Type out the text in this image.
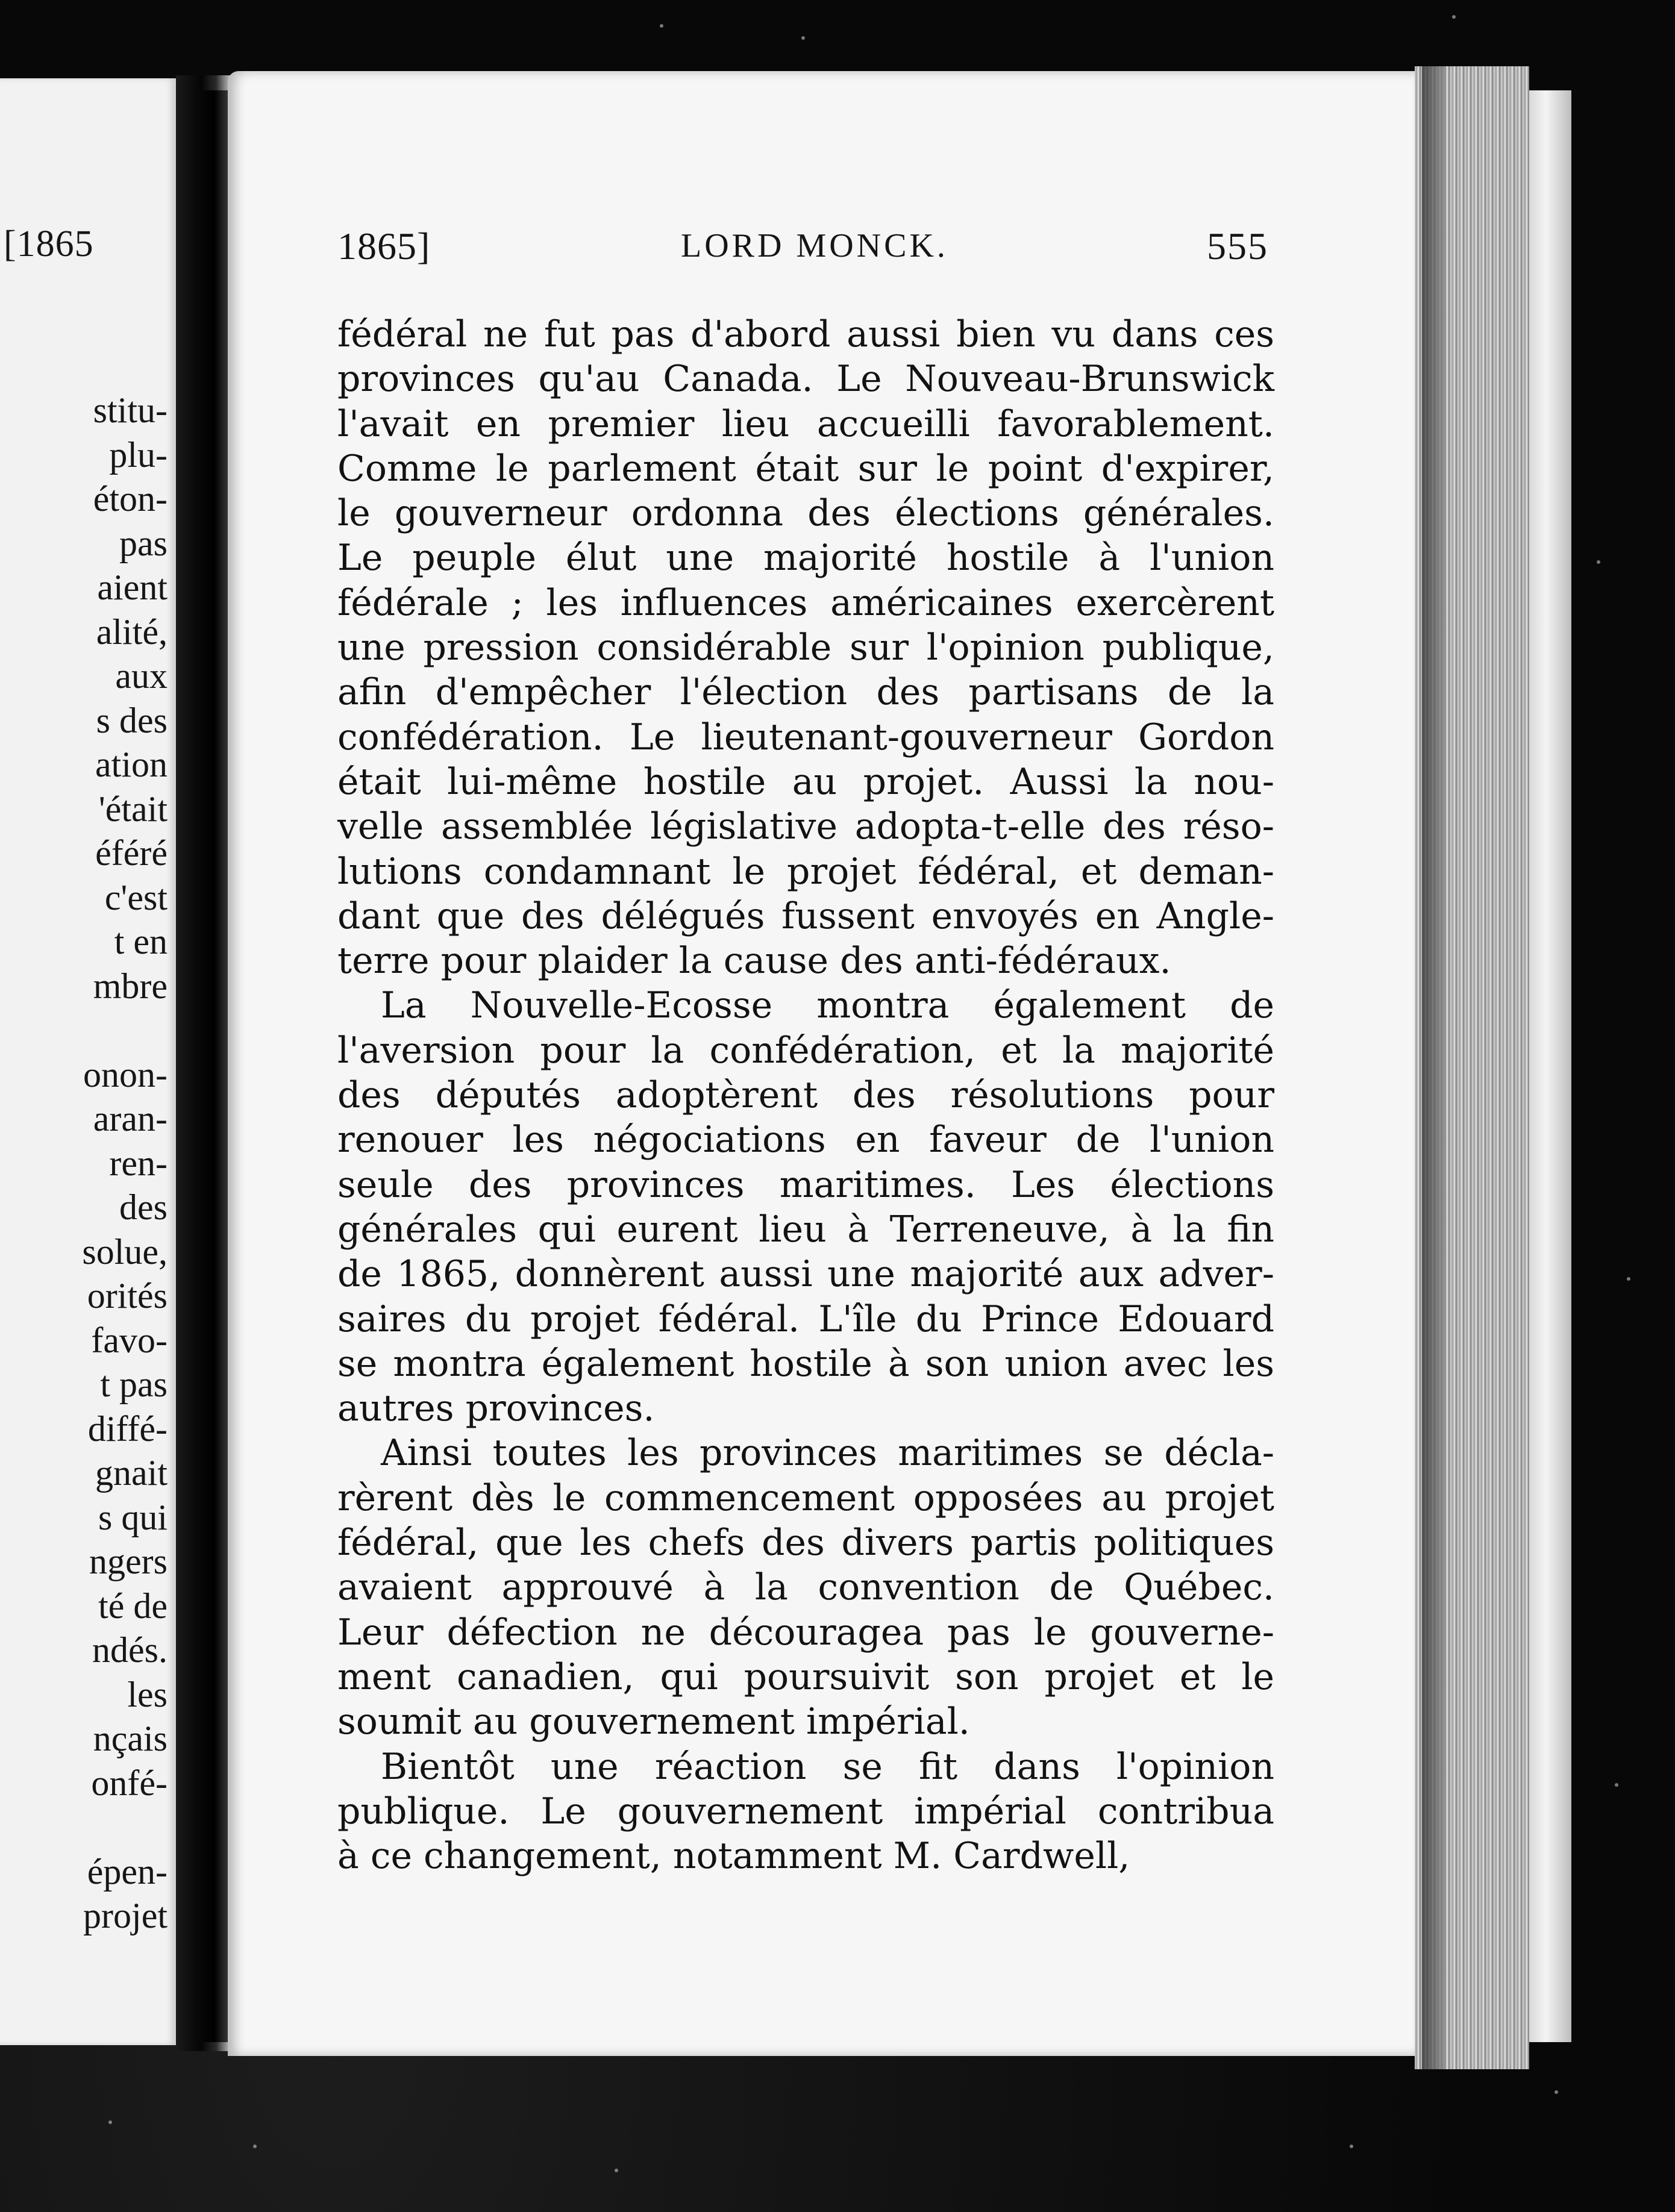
[1865
stitu-
plu-
éton-
pas
aient
alité,
aux
s des
ation
'était
éféré
c'est
t en
mbre
onon-
aran-
ren-
des
solue,
orités
favo-
t pas
diffé-
gnait
s qui
ngers
té de
ndés.
les
nçais
onfé-
épen-
projet
1865]	LORD MONCK.	555
fédéral ne fut pas d'abord aussi bien vu dans ces
provinces qu'au Canada. Le Nouveau-Brunswick
l'avait en premier lieu accueilli favorablement.
Comme le parlement était sur le point d'expirer,
le gouverneur ordonna des élections générales.
Le peuple élut une majorité hostile à l'union
fédérale ; les influences américaines exercèrent
une pression considérable sur l'opinion publique,
afin d'empêcher l'élection des partisans de la
confédération. Le lieutenant-gouverneur Gordon
était lui-même hostile au projet. Aussi la nou-
velle assemblée législative adopta-t-elle des réso-
lutions condamnant le projet fédéral, et deman-
dant que des délégués fussent envoyés en Angle-
terre pour plaider la cause des anti-fédéraux.
La Nouvelle-Ecosse montra également de
l'aversion pour la confédération, et la majorité
des députés adoptèrent des résolutions pour
renouer les négociations en faveur de l'union
seule des provinces maritimes. Les élections
générales qui eurent lieu à Terreneuve, à la fin
de 1865, donnèrent aussi une majorité aux adver-
saires du projet fédéral. L'île du Prince Edouard
se montra également hostile à son union avec les
autres provinces.
Ainsi toutes les provinces maritimes se décla-
rèrent dès le commencement opposées au projet
fédéral, que les chefs des divers partis politiques
avaient approuvé à la convention de Québec.
Leur défection ne découragea pas le gouverne-
ment canadien, qui poursuivit son projet et le
soumit au gouvernement impérial.
Bientôt une réaction se fit dans l'opinion
publique. Le gouvernement impérial contribua
à ce changement, notamment M. Cardwell,
